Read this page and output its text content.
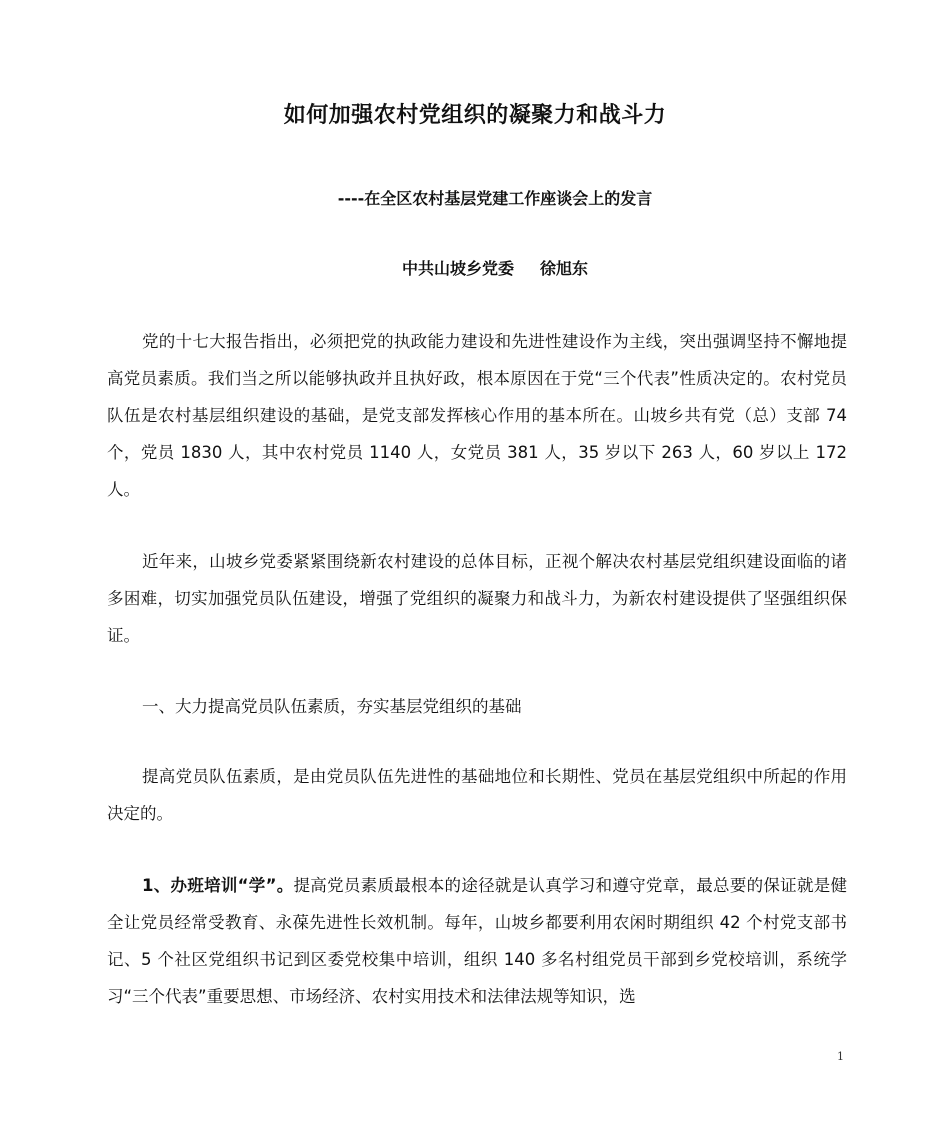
如何加强农村党组织的凝聚力和战斗力
----在全区农村基层党建工作座谈会上的发言
中共山坡乡党委 徐旭东

党的十七大报告指出，必须把党的执政能力建设和先进性建设作为主线，突出强调坚持不懈地提高党员素质。我们当之所以能够执政并且执好政，根本原因在于党“三个代表”性质决定的。农村党员队伍是农村基层组织建设的基础，是党支部发挥核心作用的基本所在。山坡乡共有党（总）支部 74 个，党员 1830 人，其中农村党员 1140 人，女党员 381 人，35 岁以下 263 人，60 岁以上 172 人。

近年来，山坡乡党委紧紧围绕新农村建设的总体目标，正视个解决农村基层党组织建设面临的诸多困难，切实加强党员队伍建设，增强了党组织的凝聚力和战斗力，为新农村建设提供了坚强组织保证。

一、大力提高党员队伍素质，夯实基层党组织的基础

提高党员队伍素质，是由党员队伍先进性的基础地位和长期性、党员在基层党组织中所起的作用决定的。

1、办班培训“学”。提高党员素质最根本的途径就是认真学习和遵守党章，最总要的保证就是健全让党员经常受教育、永葆先进性长效机制。每年，山坡乡都要利用农闲时期组织 42 个村党支部书记、5 个社区党组织书记到区委党校集中培训，组织 140 多名村组党员干部到乡党校培训，系统学习“三个代表”重要思想、市场经济、农村实用技术和法律法规等知识，选

1
